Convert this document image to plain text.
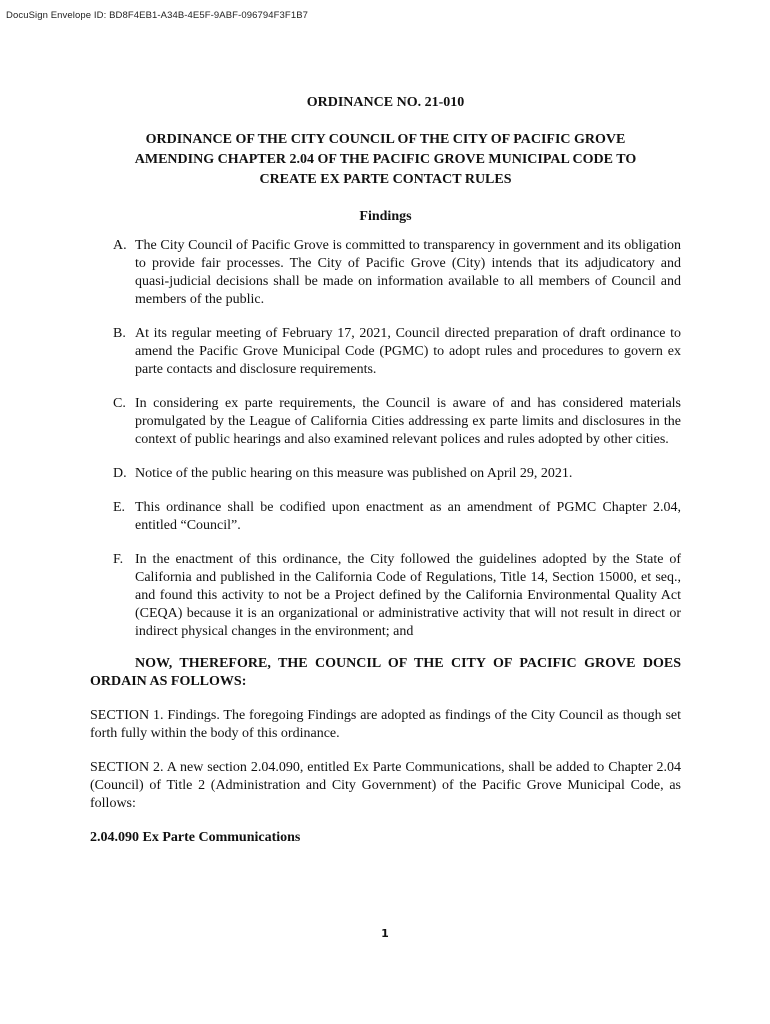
DocuSign Envelope ID: BD8F4EB1-A34B-4E5F-9ABF-096794F3F1B7
ORDINANCE NO. 21-010
ORDINANCE OF THE CITY COUNCIL OF THE CITY OF PACIFIC GROVE
AMENDING CHAPTER 2.04 OF THE PACIFIC GROVE MUNICIPAL CODE TO
CREATE EX PARTE CONTACT RULES
Findings
A. The City Council of Pacific Grove is committed to transparency in government and its obligation to provide fair processes. The City of Pacific Grove (City) intends that its adjudicatory and quasi-judicial decisions shall be made on information available to all members of Council and members of the public.
B. At its regular meeting of February 17, 2021, Council directed preparation of draft ordinance to amend the Pacific Grove Municipal Code (PGMC) to adopt rules and procedures to govern ex parte contacts and disclosure requirements.
C. In considering ex parte requirements, the Council is aware of and has considered materials promulgated by the League of California Cities addressing ex parte limits and disclosures in the context of public hearings and also examined relevant polices and rules adopted by other cities.
D. Notice of the public hearing on this measure was published on April 29, 2021.
E. This ordinance shall be codified upon enactment as an amendment of PGMC Chapter 2.04, entitled “Council”.
F. In the enactment of this ordinance, the City followed the guidelines adopted by the State of California and published in the California Code of Regulations, Title 14, Section 15000, et seq., and found this activity to not be a Project defined by the California Environmental Quality Act (CEQA) because it is an organizational or administrative activity that will not result in direct or indirect physical changes in the environment; and
NOW, THEREFORE, THE COUNCIL OF THE CITY OF PACIFIC GROVE DOES ORDAIN AS FOLLOWS:
SECTION 1. Findings. The foregoing Findings are adopted as findings of the City Council as though set forth fully within the body of this ordinance.
SECTION 2. A new section 2.04.090, entitled Ex Parte Communications, shall be added to Chapter 2.04 (Council) of Title 2 (Administration and City Government) of the Pacific Grove Municipal Code, as follows:
2.04.090 Ex Parte Communications
1
